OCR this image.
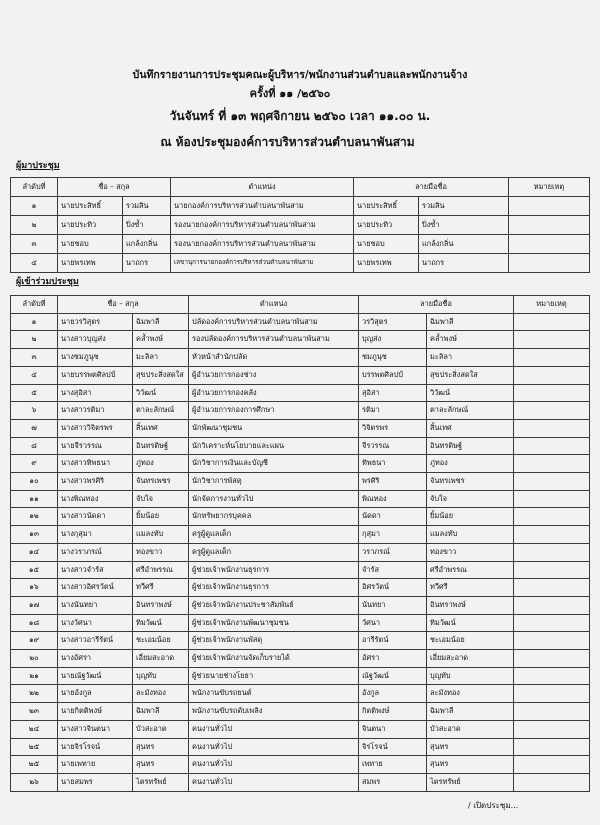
บันทึกรายงานการประชุมคณะผู้บริหาร/พนักงานส่วนตำบลและพนักงานจ้าง
ครั้งที่ ๑๑ /๒๕๖๐
วันจันทร์ ที่ ๑๓ พฤศจิกายน ๒๕๖๐ เวลา ๑๑.๐๐ น.
ณ ห้องประชุมองค์การบริหารส่วนตำบลนาพันสาม
ผู้มาประชุม
ลำดับที่	ชื่อ – สกุล		ตำแหน่ง	ลายมือชื่อ		หมายเหตุ
๑	นายประสิทธิ์	รวมสิน	นายกองค์การบริหารส่วนตำบลนาพันสาม	นายประสิทธิ์	รวมสิน	
๒	นายประทิว	ปิ่งซ้ำ	รองนายกองค์การบริหารส่วนตำบลนาพันสาม	นายประทิว	ปิ่งซ้ำ	
๓	นายชอบ	แกล้งกลิ่น	รองนายกองค์การบริหารส่วนตำบลนาพันสาม	นายชอบ	แกล้งกลิ่น	
๔	นายพรเทพ	นาถกร	เลขานุการนายกองค์การบริหารส่วนตำบลนาพันสาม	นายพรเทพ	นาถกร	
ผู้เข้าร่วมประชุม
ลำดับที่	ชื่อ – สกุล		ตำแหน่ง	ลายมือชื่อ		หมายเหตุ
๑	นายวรวิสุตร	ฉิมพาลี	ปลัดองค์การบริหารส่วนตำบลนาพันสาม	วรวิสุตร	ฉิมพาลี	
๒	นางสาวบุญส่ง	คล้ำพงษ์	รองปลัดองค์การบริหารส่วนตำบลนาพันสาม	บุญส่ง	คล้ำพงษ์	
๓	นางชมภูนุช	มะลิลา	หัวหน้าสำนักปลัด	ชมภูนุช	มะลิลา	
๔	นายบรรพตศิลปป์	สุขประสิ่งสดใส	ผู้อำนวยการกองช่าง	บรรพตศิลปป์	สุขประสิ่งสดใส	
๕	นางสุอิสา	วิวัฒน์	ผู้อำนวยการกองคลัง	สุอิสา	วิวัฒน์	
๖	นางสาวรติมา	ตาละลักษณ์	ผู้อำนวยการกองการศึกษา	รติมา	ตาละลักษณ์	
๗	นางสาววิจิตรพร	สิ้นเทศ	นักพัฒนาชุมชน	วิจิตรพร	สิ้นเทศ	
๘	นายจีรวรรณ	อินทรดิษฐ์	นักวิเคราะห์นโยบายและแผน	จีรวรรณ	อินทรดิษฐ์	
๙	นางสาวทิพธนา	ภู่ทอง	นักวิชาการเงินและบัญชี	ทิพธนา	ภู่ทอง	
๑๐	นางสาวพรศิริ	จันทรเพชร	นักวิชาการพัสดุ	พรศิริ	จันทรเพชร	
๑๑	นางพิณทอง	จับใจ	นักจัดการงานทั่วไป	พิณทอง	จับใจ	
๑๒	นางสาวนัดดา	ยิ้มน้อย	นักทรัพยากรบุคคล	นัดดา	ยิ้มน้อย	
๑๓	นางกุสุมา	แมลงทับ	ครูผู้ดูแลเด็ก	กุสุมา	แมลงทับ	
๑๔	นางวราภรณ์	ทองขาว	ครูผู้ดูแลเด็ก	วราภรณ์	ทองขาว	
๑๕	นางสาวจำรัส	ศรีอำพรรณ	ผู้ช่วยเจ้าพนักงานธุรการ	จำรัส	ศรีอำพรรณ	
๑๖	นางสาวอิศรวัตน์	ทวีศรี	ผู้ช่วยเจ้าพนักงานธุรการ	อิศรวัตน์	ทวีศรี	
๑๗	นางนันทยา	อินทราพงษ์	ผู้ช่วยเจ้าพนักงานประชาสัมพันธ์	นันทยา	อินทราพงษ์	
๑๘	นางวัศนา	ทิมวัฒน์	ผู้ช่วยเจ้าพนักงานพัฒนาชุมชน	วัศนา	ทิมวัฒน์	
๑๙	นางสาวอารีรัตน์	ชะเอมน้อย	ผู้ช่วยเจ้าพนักงานพัสดุ	อารีรัตน์	ชะเอมน้อย	
๒๐	นางอัศรา	เอี่ยมสะอาด	ผู้ช่วยเจ้าพนักงานจัดเก็บรายได้	อัศรา	เอี่ยมสะอาด	
๒๑	นายณัฐวัฒน์	บุญทับ	ผู้ช่วยนายช่างโยธา	ณัฐวัฒน์	บุญทับ	
๒๒	นายอังกูล	ละมังทอง	พนักงานขับรถยนต์	อังกูล	ละมังทอง	
๒๓	นายกิตติพงษ์	ฉิมพาลี	พนักงานขับรถดับเพลิง	กิตติพงษ์	ฉิมพาลี	
๒๔	นางสาวจินตนา	บัวสะอาด	คนงานทั่วไป	จินตนา	บัวสะอาด	
๒๕	นายจิรโรจน์	สุนทร	คนงานทั่วไป	จิรโรจน์	สุนทร	
๒๕	นายเพทาย	สุนทร	คนงานทั่วไป	เพทาย	สุนทร	
๒๖	นายสมพร	ไตรทรัพย์	คนงานทั่วไป	สมพร	ไตรทรัพย์	
/ เปิดประชุม...
